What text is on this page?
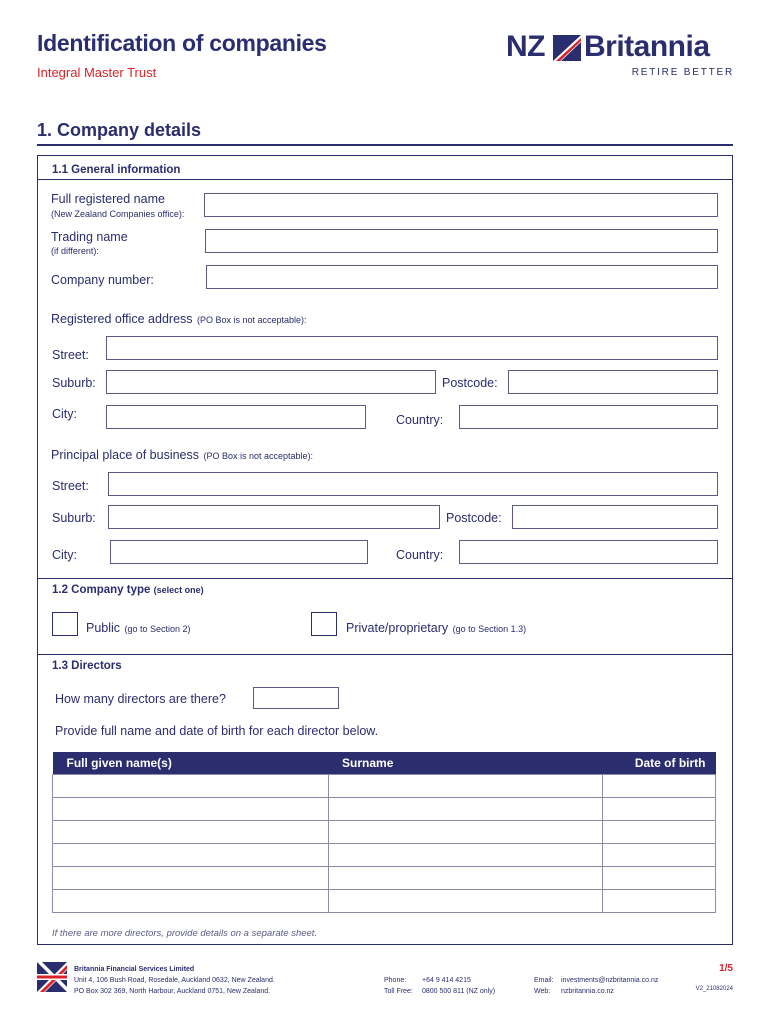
Identification of companies
Integral Master Trust
NZ Britannia
RETIRE BETTER
1. Company details
1.1 General information
Full registered name
(New Zealand Companies office):
Trading name
(if different):
Company number:
Registered office address (PO Box is not acceptable):
Street:
Suburb:	Postcode:
City:	Country:
Principal place of business (PO Box is not acceptable):
Street:
Suburb:	Postcode:
City:	Country:
1.2 Company type (select one)
Public (go to Section 2)	Private/proprietary (go to Section 1.3)
1.3 Directors
How many directors are there?
Provide full name and date of birth for each director below.
Full given name(s)	Surname	Date of birth

If there are more directors, provide details on a separate sheet.
Britannia Financial Services Limited
Unit 4, 106 Bush Road, Rosedale, Auckland 0632, New Zealand.
PO Box 302 369, North Harbour, Auckland 0751, New Zealand.
Phone: +64 9 414 4215
Toll Free: 0800 500 811 (NZ only)
Email: investments@nzbritannia.co.nz
Web: nzbritannia.co.nz
1/5
V2_21082024
